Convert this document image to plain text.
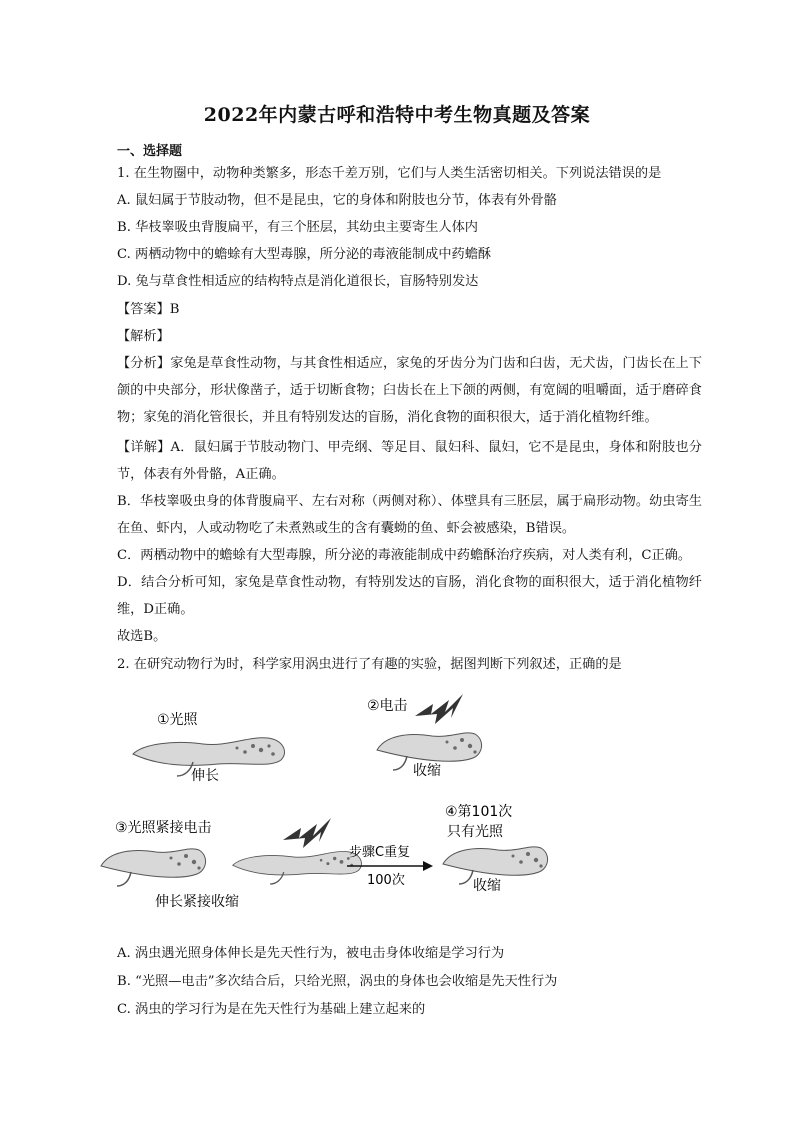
2022年内蒙古呼和浩特中考生物真题及答案
一、选择题
1. 在生物圈中，动物种类繁多，形态千差万别，它们与人类生活密切相关。下列说法错误的是
A. 鼠妇属于节肢动物，但不是昆虫，它的身体和附肢也分节，体表有外骨骼
B. 华枝睾吸虫背腹扁平，有三个胚层，其幼虫主要寄生人体内
C. 两栖动物中的蟾蜍有大型毒腺，所分泌的毒液能制成中药蟾酥
D. 兔与草食性相适应的结构特点是消化道很长，盲肠特别发达
【答案】B
【解析】
【分析】家兔是草食性动物，与其食性相适应，家兔的牙齿分为门齿和臼齿，无犬齿，门齿长在上下颌的中央部分，形状像凿子，适于切断食物；臼齿长在上下颌的两侧，有宽阔的咀嚼面，适于磨碎食物；家兔的消化管很长，并且有特别发达的盲肠，消化食物的面积很大，适于消化植物纤维。
【详解】A．鼠妇属于节肢动物门、甲壳纲、等足目、鼠妇科、鼠妇，它不是昆虫，身体和附肢也分节，体表有外骨骼，A正确。
B．华枝睾吸虫身的体背腹扁平、左右对称（两侧对称）、体壁具有三胚层，属于扁形动物。幼虫寄生在鱼、虾内，人或动物吃了未煮熟或生的含有囊蚴的鱼、虾会被感染，B错误。
C．两栖动物中的蟾蜍有大型毒腺，所分泌的毒液能制成中药蟾酥治疗疾病，对人类有利，C正确。
D．结合分析可知，家兔是草食性动物，有特别发达的盲肠，消化食物的面积很大，适于消化植物纤维，D正确。
故选B。
2. 在研究动物行为时，科学家用涡虫进行了有趣的实验，据图判断下列叙述，正确的是
①光照
伸长
②电击
收缩
③光照紧接电击
伸长紧接收缩
步骤C重复
100次
④第101次
只有光照
收缩
A. 涡虫遇光照身体伸长是先天性行为，被电击身体收缩是学习行为
B. “光照—电击”多次结合后，只给光照，涡虫的身体也会收缩是先天性行为
C. 涡虫的学习行为是在先天性行为基础上建立起来的
